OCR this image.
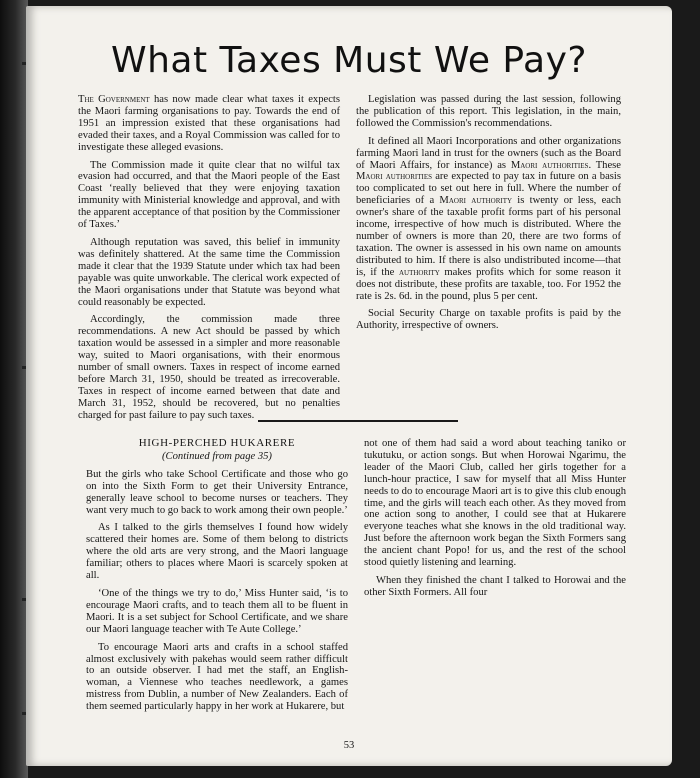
What Taxes Must We Pay?

The Government has now made clear what taxes it expects the Maori farming organisations to pay. Towards the end of 1951 an impression existed that these organisations had evaded their taxes, and a Royal Commission was called for to investigate these alleged evasions.

The Commission made it quite clear that no wilful tax evasion had occurred, and that the Maori people of the East Coast ‘really believed that they were enjoying taxation immunity with Ministerial knowledge and approval, and with the apparent acceptance of that position by the Commissioner of Taxes.’

Although reputation was saved, this belief in immunity was definitely shattered. At the same time the Commission made it clear that the 1939 Statute under which tax had been payable was quite unworkable. The clerical work expected of the Maori organisations under that Statute was beyond what could reasonably be expected.

Accordingly, the commission made three recommendations. A new Act should be passed by which taxation would be assessed in a simpler and more reasonable way, suited to Maori organisations, with their enormous number of small owners. Taxes in respect of income earned before March 31, 1950, should be treated as irrecoverable. Taxes in respect of income earned between that date and March 31, 1952, should be recovered, but no penalties charged for past failure to pay such taxes.

Legislation was passed during the last session, following the publication of this report. This legislation, in the main, followed the Commission's recommendations.

It defined all Maori Incorporations and other organizations farming Maori land in trust for the owners (such as the Board of Maori Affairs, for instance) as Maori authorities. These Maori authorities are expected to pay tax in future on a basis too complicated to set out here in full. Where the number of beneficiaries of a Maori authority is twenty or less, each owner's share of the taxable profit forms part of his personal income, irrespective of how much is distributed. Where the number of owners is more than 20, there are two forms of taxation. The owner is assessed in his own name on amounts distributed to him. If there is also undistributed income—that is, if the authority makes profits which for some reason it does not distribute, these profits are taxable, too. For 1952 the rate is 2s. 6d. in the pound, plus 5 per cent.

Social Security Charge on taxable profits is paid by the Authority, irrespective of owners.

HIGH-PERCHED HUKARERE
(Continued from page 35)

But the girls who take School Certificate and those who go on into the Sixth Form to get their University Entrance, generally leave school to become nurses or teachers. They want very much to go back to work among their own people.’

As I talked to the girls themselves I found how widely scattered their homes are. Some of them belong to districts where the old arts are very strong, and the Maori language familiar; others to places where Maori is scarcely spoken at all.

‘One of the things we try to do,’ Miss Hunter said, ‘is to encourage Maori crafts, and to teach them all to be fluent in Maori. It is a set subject for School Certificate, and we share our Maori language teacher with Te Aute College.’

To encourage Maori arts and crafts in a school staffed almost exclusively with pakehas would seem rather difficult to an outside observer. I had met the staff, an English-woman, a Viennese who teaches needlework, a games mistress from Dublin, a number of New Zealanders. Each of them seemed particularly happy in her work at Hukarere, but

not one of them had said a word about teaching taniko or tukutuku, or action songs. But when Horowai Ngarimu, the leader of the Maori Club, called her girls together for a lunch-hour practice, I saw for myself that all Miss Hunter needs to do to encourage Maori art is to give this club enough time, and the girls will teach each other. As they moved from one action song to another, I could see that at Hukarere everyone teaches what she knows in the old traditional way. Just before the afternoon work began the Sixth Formers sang the ancient chant Popo! for us, and the rest of the school stood quietly listening and learning.

When they finished the chant I talked to Horowai and the other Sixth Formers. All four

53
